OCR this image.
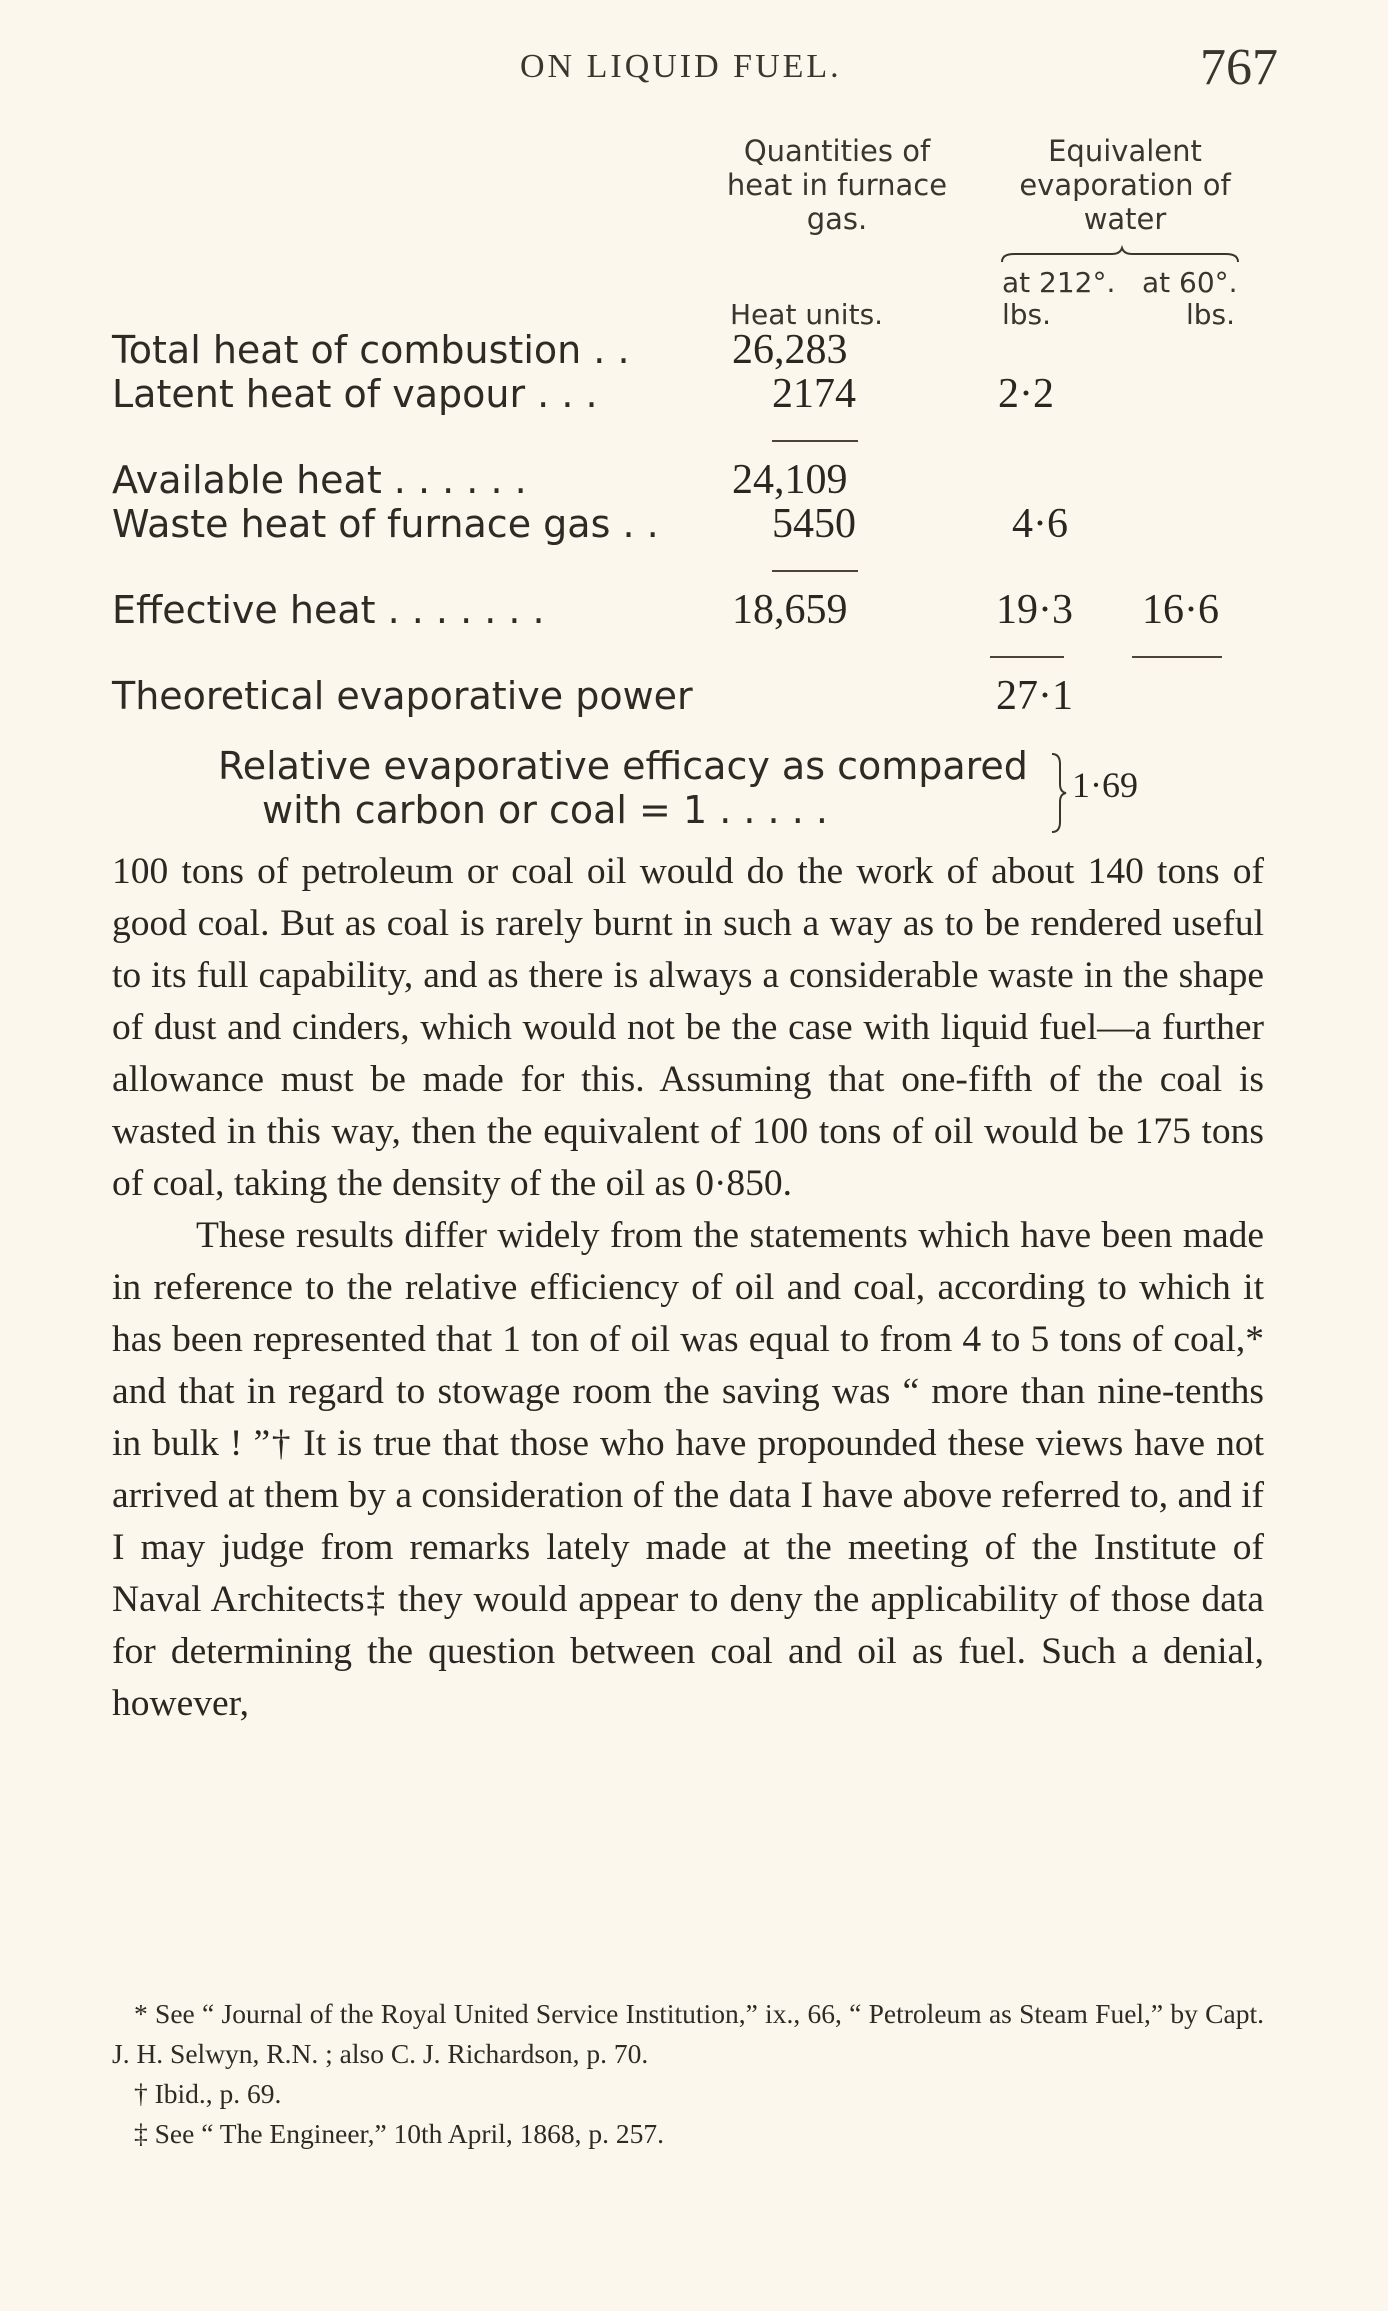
ON LIQUID FUEL.	767
Quantities of heat in furnace gas.
Equivalent evaporation of water
at 212°. at 60°.
Heat units.	lbs.	lbs.
Total heat of combustion . . 26,283
Latent heat of vapour . . .	2174	2·2
Available heat . . . . . .	24,109
Waste heat of furnace gas . .	5450	4·6
Effective heat . . . . . . .	18,659	19·3 16·6
Theoretical evaporative power	27·1
Relative evaporative efficacy as compared
with carbon or coal = 1 . . . . .
1·69

100 tons of petroleum or coal oil would do the work of about 140 tons of good coal. But as coal is rarely burnt in such a way as to be rendered useful to its full capability, and as there is always a considerable waste in the shape of dust and cinders, which would not be the case with liquid fuel—a further allowance must be made for this. Assuming that one-fifth of the coal is wasted in this way, then the equivalent of 100 tons of oil would be 175 tons of coal, taking the density of the oil as 0·850.

These results differ widely from the statements which have been made in reference to the relative efficiency of oil and coal, according to which it has been represented that 1 ton of oil was equal to from 4 to 5 tons of coal,* and that in regard to stowage room the saving was “ more than nine-tenths in bulk ! ”† It is true that those who have propounded these views have not arrived at them by a consideration of the data I have above referred to, and if I may judge from remarks lately made at the meeting of the Institute of Naval Architects‡ they would appear to deny the applicability of those data for determining the question between coal and oil as fuel. Such a denial, however,

* See “ Journal of the Royal United Service Institution,” ix., 66, “ Petroleum as Steam Fuel,” by Capt. J. H. Selwyn, R.N. ; also C. J. Richardson, p. 70.

† Ibid., p. 69.

‡ See “ The Engineer,” 10th April, 1868, p. 257.
